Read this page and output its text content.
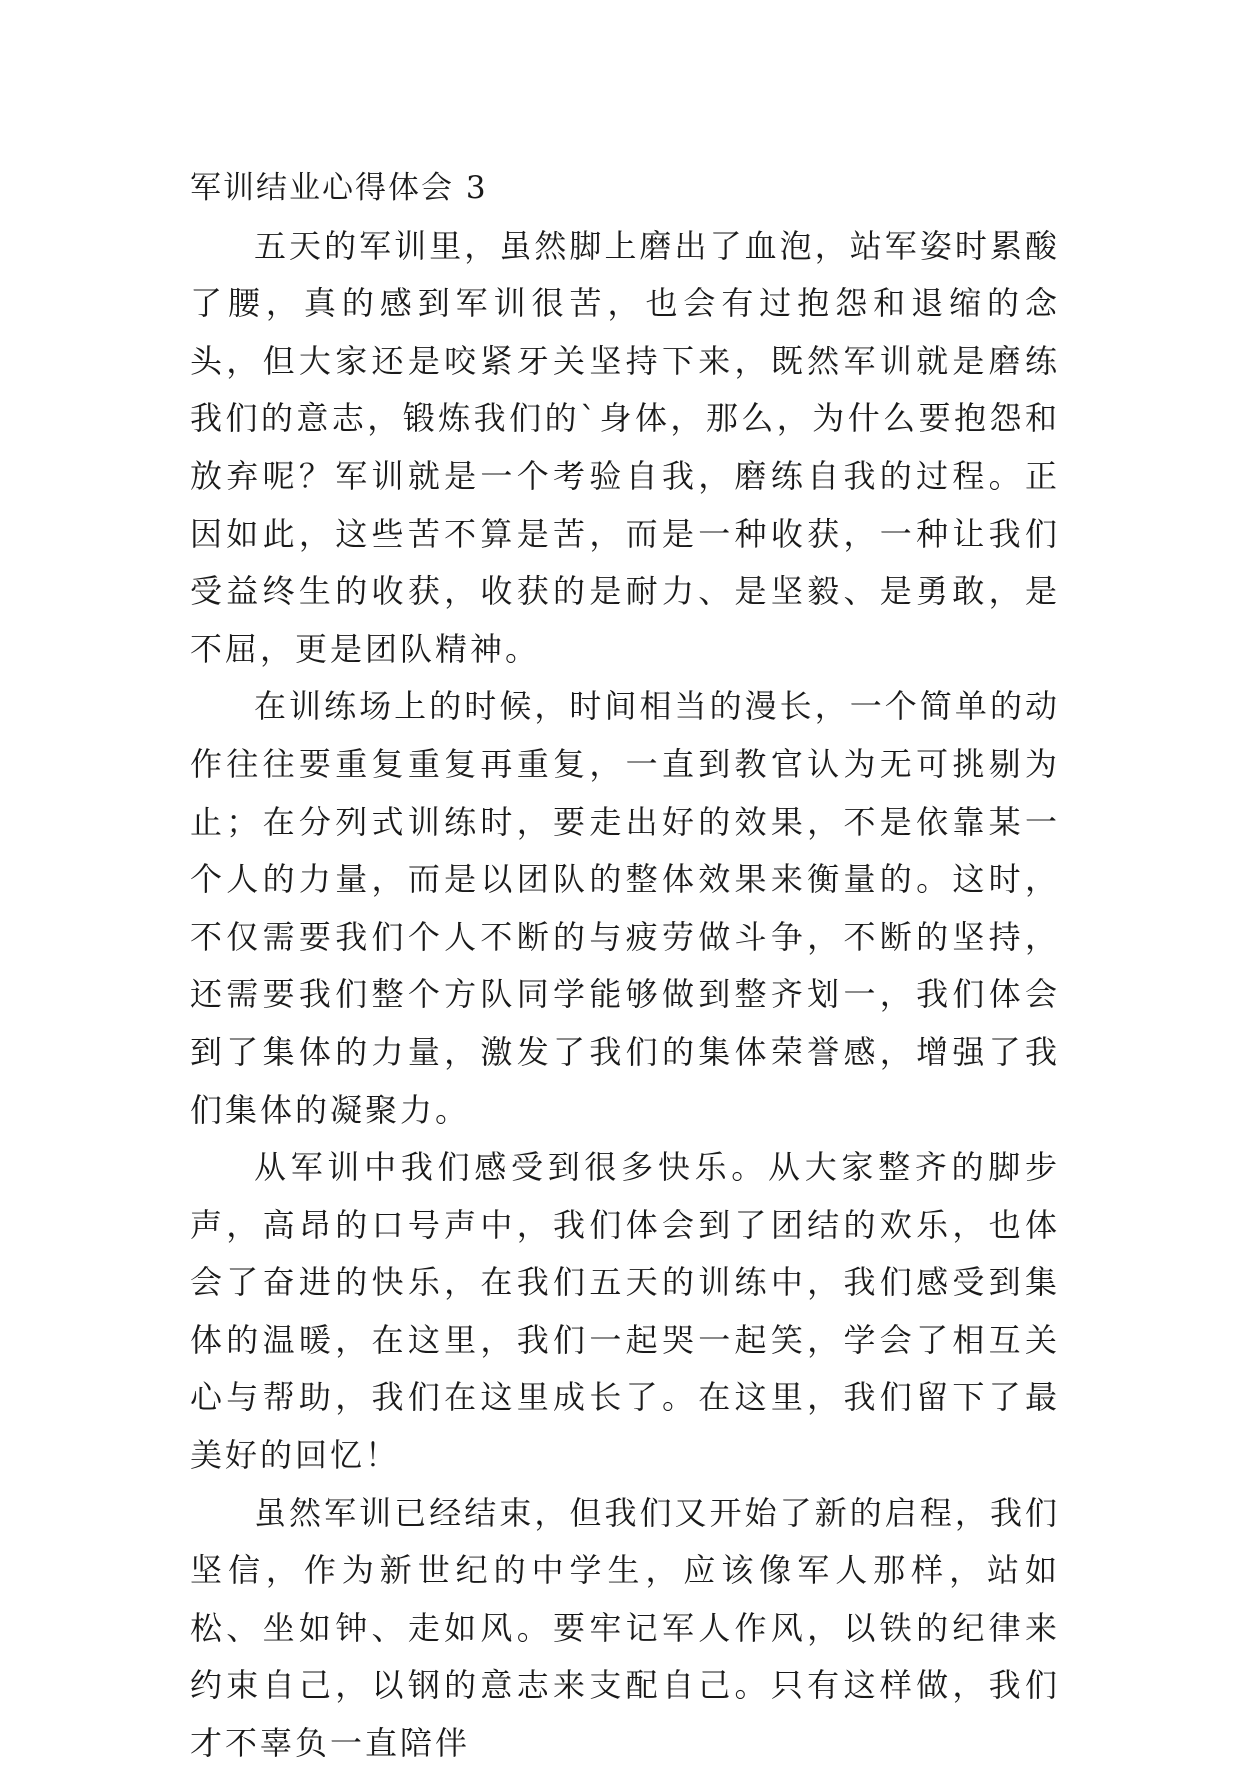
军训结业心得体会 3

五天的军训里，虽然脚上磨出了血泡，站军姿时累酸了腰，真的感到军训很苦，也会有过抱怨和退缩的念头，但大家还是咬紧牙关坚持下来，既然军训就是磨练我们的意志，锻炼我们的`身体，那么，为什么要抱怨和放弃呢？军训就是一个考验自我，磨练自我的过程。正因如此，这些苦不算是苦，而是一种收获，一种让我们受益终生的收获，收获的是耐力、是坚毅、是勇敢，是不屈，更是团队精神。

在训练场上的时候，时间相当的漫长，一个简单的动作往往要重复重复再重复，一直到教官认为无可挑剔为止；在分列式训练时，要走出好的效果，不是依靠某一个人的力量，而是以团队的整体效果来衡量的。这时，不仅需要我们个人不断的与疲劳做斗争，不断的坚持，还需要我们整个方队同学能够做到整齐划一，我们体会到了集体的力量，激发了我们的集体荣誉感，增强了我们集体的凝聚力。

从军训中我们感受到很多快乐。从大家整齐的脚步声，高昂的口号声中，我们体会到了团结的欢乐，也体会了奋进的快乐，在我们五天的训练中，我们感受到集体的温暖，在这里，我们一起哭一起笑，学会了相互关心与帮助，我们在这里成长了。在这里，我们留下了最美好的回忆！

虽然军训已经结束，但我们又开始了新的启程，我们坚信，作为新世纪的中学生，应该像军人那样，站如松、坐如钟、走如风。要牢记军人作风，以铁的纪律来约束自己，以钢的意志来支配自己。只有这样做，我们才不辜负一直陪伴
